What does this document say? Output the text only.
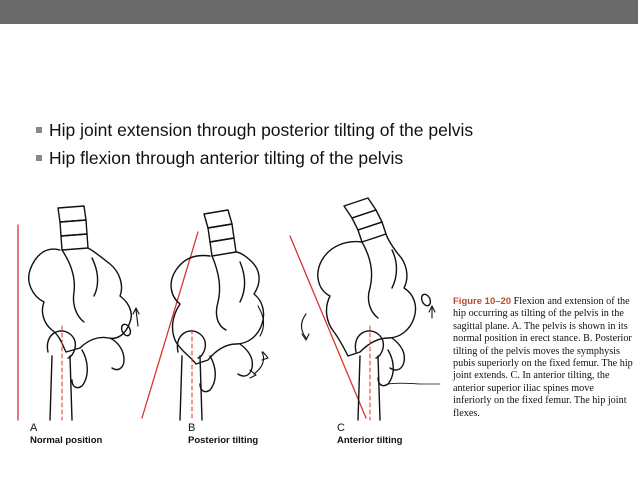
Hip joint extension through posterior tilting of the pelvis
Hip flexion through anterior tilting of the pelvis
A
Normal position
B
Posterior tilting
C
Anterior tilting
Figure 10–20 Flexion and extension of the hip occurring as tilting of the pelvis in the sagittal plane. A. The pelvis is shown in its normal position in erect stance. B. Posterior tilting of the pelvis moves the symphysis pubis superiorly on the fixed femur. The hip joint extends. C. In anterior tilting, the anterior superior iliac spines move inferiorly on the fixed femur. The hip joint flexes.
